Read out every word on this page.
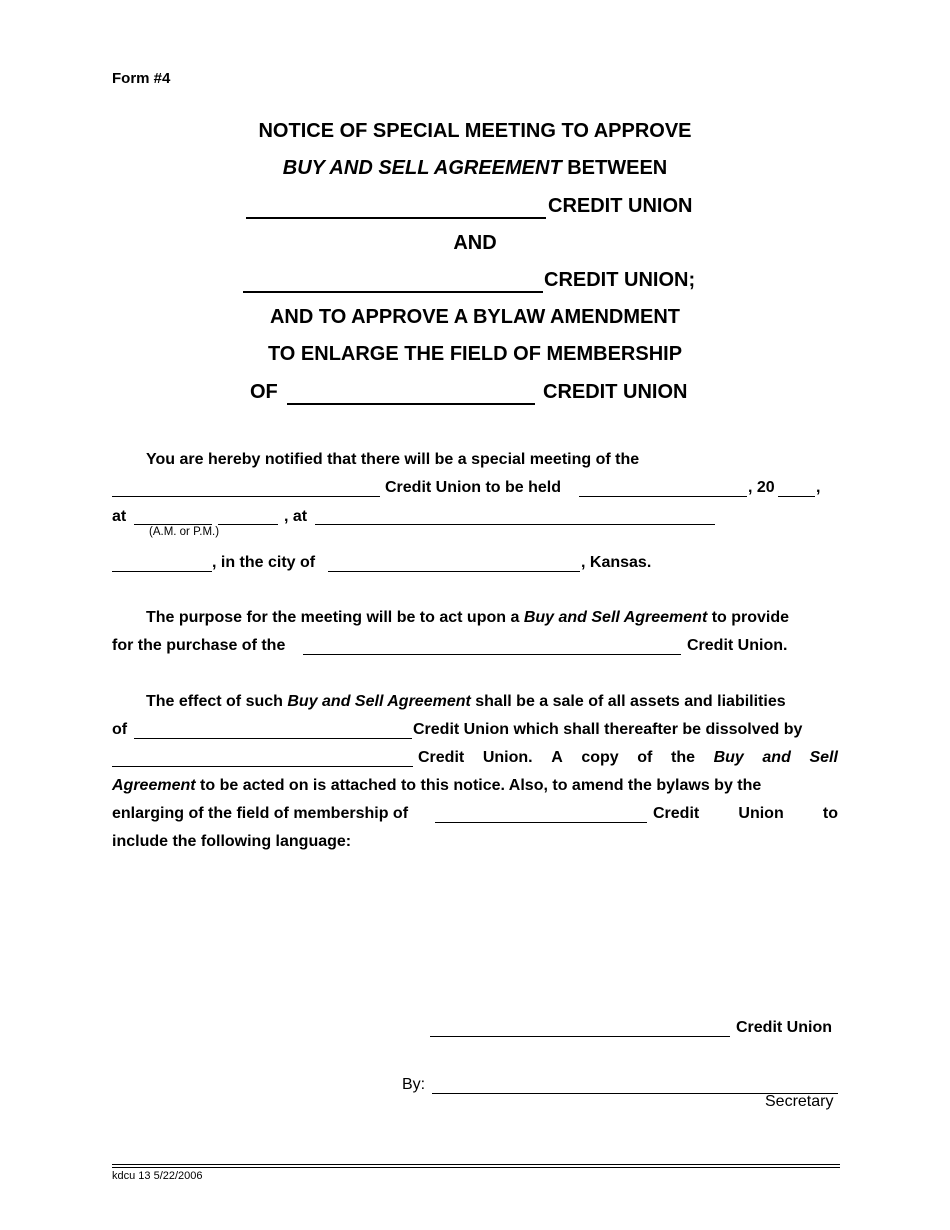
Form #4
NOTICE OF SPECIAL MEETING TO APPROVE
BUY AND SELL AGREEMENT BETWEEN
CREDIT UNION
AND
CREDIT UNION;
AND TO APPROVE A BYLAW AMENDMENT
TO ENLARGE THE FIELD OF MEMBERSHIP
OF	CREDIT UNION
You are hereby notified that there will be a special meeting of the
Credit Union to be held	, 20	,
at
(A.M. or P.M.)
, at
, in the city of	, Kansas.
The purpose for the meeting will be to act upon a Buy and Sell Agreement to provide
for the purchase of the	Credit Union.
The effect of such Buy and Sell Agreement shall be a sale of all assets and liabilities
of	Credit Union which shall thereafter be dissolved by
Credit Union. A copy of the Buy and Sell
Agreement to be acted on is attached to this notice. Also, to amend the bylaws by the
enlarging of the field of membership of	Credit Union to
include the following language:
Credit Union
By:
Secretary
kdcu 13 5/22/2006
